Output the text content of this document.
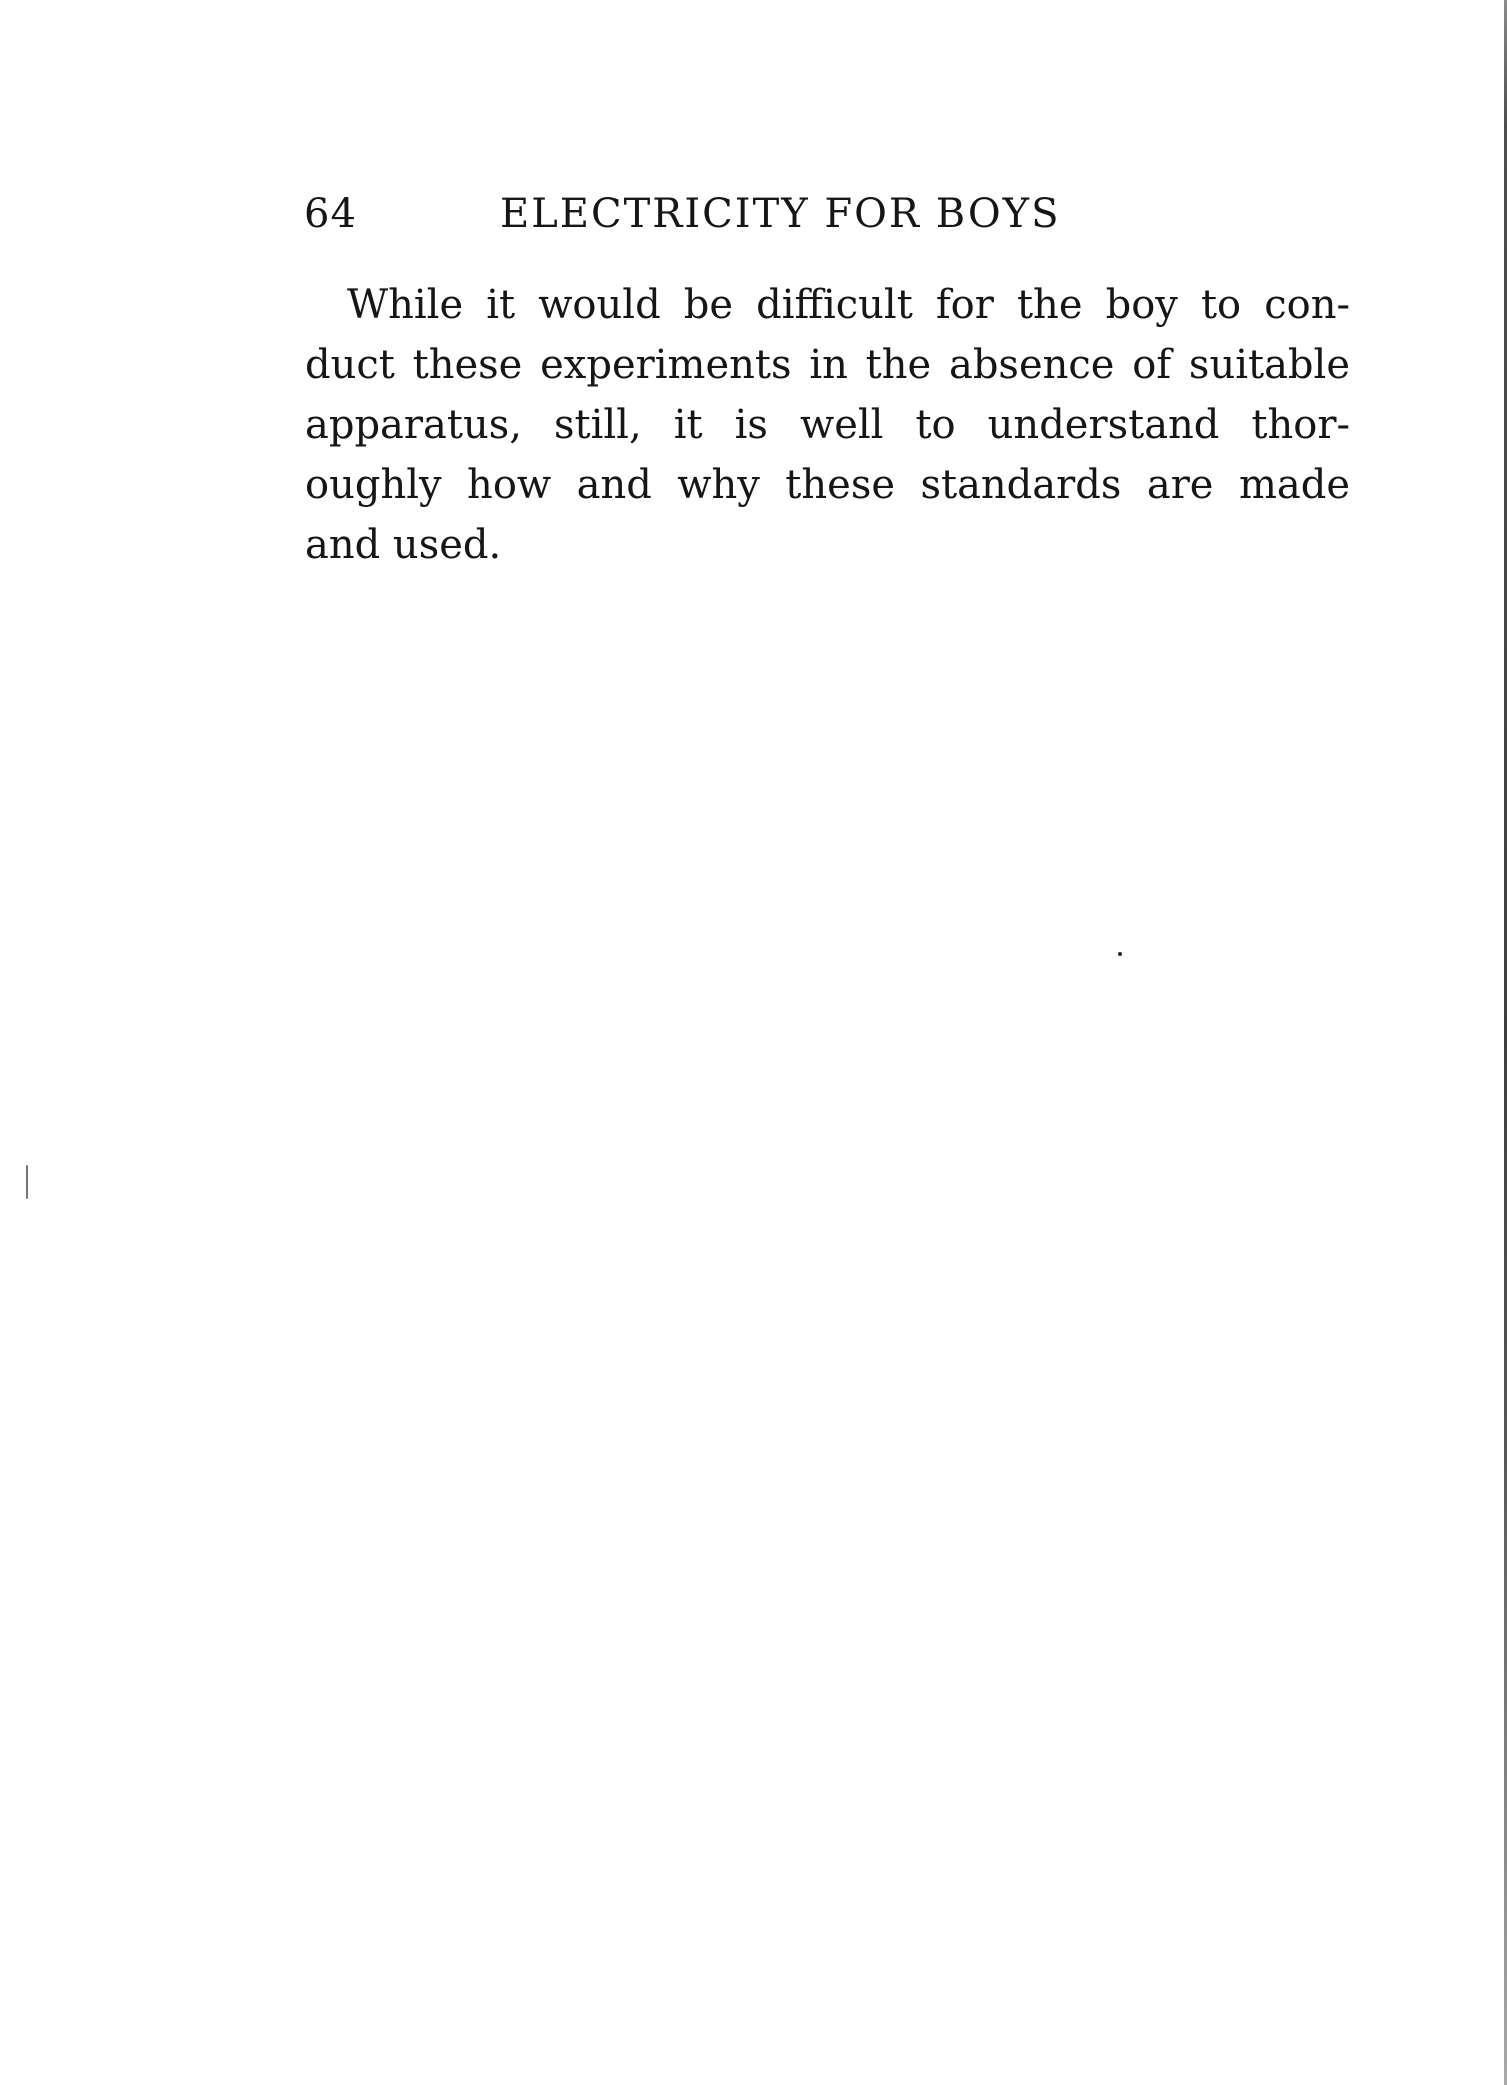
64	ELECTRICITY FOR BOYS

While it would be difficult for the boy to con-
duct these experiments in the absence of suitable
apparatus, still, it is well to understand thor-
oughly how and why these standards are made
and used.
